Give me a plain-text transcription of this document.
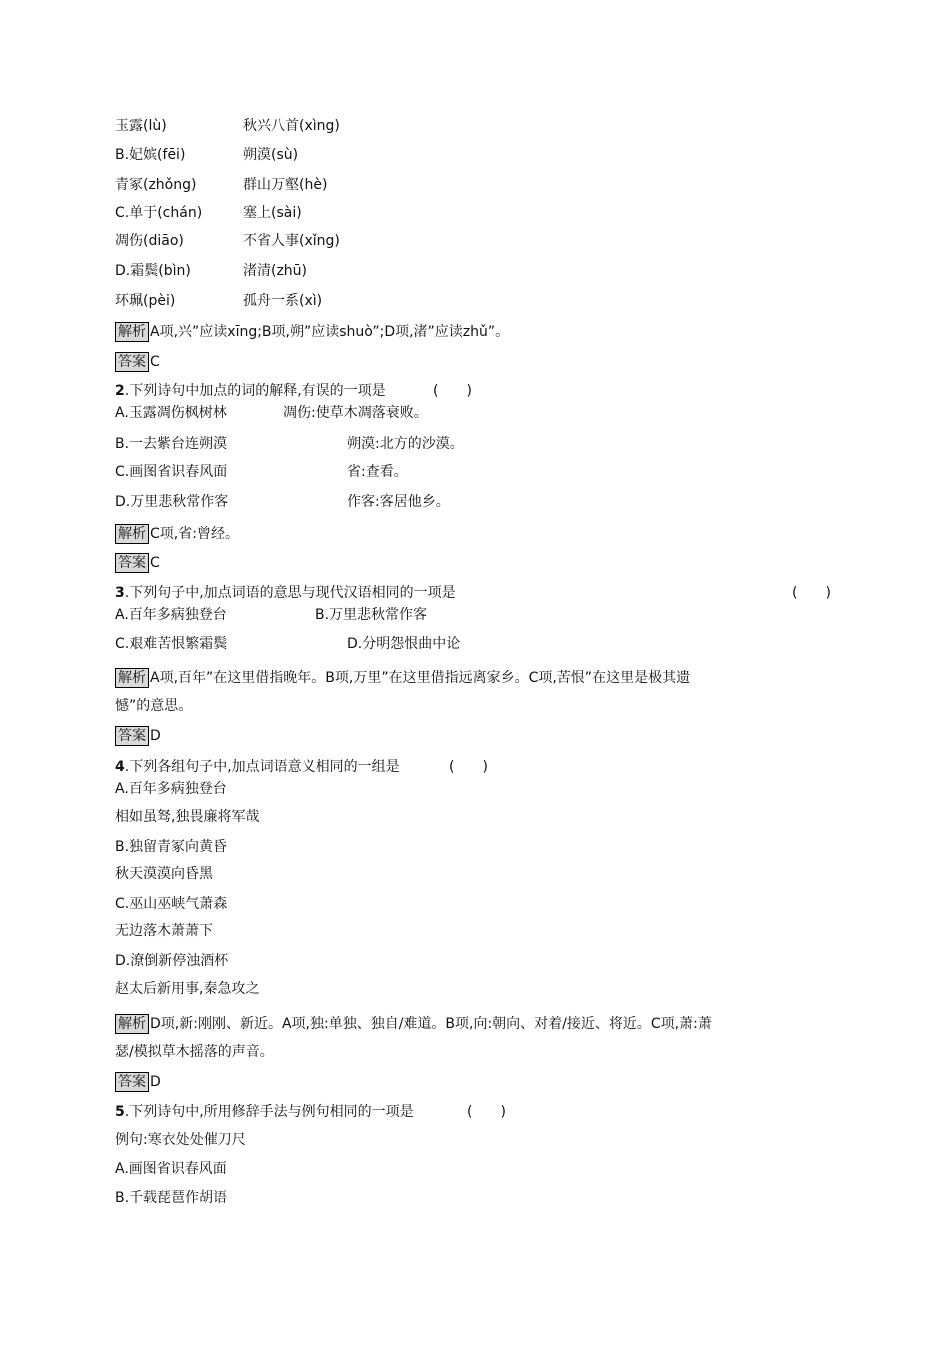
玉露(lù)	秋兴八首(xìng)
B.妃嫔(fēi)	朔漠(sù)
青冢(zhǒng)	群山万壑(hè)
C.单于(chán)	塞上(sài)
凋伤(diāo)	不省人事(xǐng)
D.霜鬓(bìn)	渚清(zhū)
环珮(pèi)	孤舟一系(xì)
解析 A项,兴”应读xīng;B项,朔”应读shuò”;D项,渚”应读zhǔ”。
答案 C
2.下列诗句中加点的词的解释,有误的一项是	(　　)
A.玉露凋伤枫树林	凋伤:使草木凋落衰败。
B.一去紫台连朔漠	朔漠:北方的沙漠。
C.画图省识春风面	省:查看。
D.万里悲秋常作客	作客:客居他乡。
解析 C项,省:曾经。
答案 C
3.下列句子中,加点词语的意思与现代汉语相同的一项是	(　　)
A.百年多病独登台	B.万里悲秋常作客
C.艰难苦恨繁霜鬓	D.分明怨恨曲中论
解析 A项,百年”在这里借指晚年。B项,万里”在这里借指远离家乡。C项,苦恨”在这里是极其遗
憾”的意思。
答案 D
4.下列各组句子中,加点词语意义相同的一组是	(　　)
A.百年多病独登台
相如虽驽,独畏廉将军哉
B.独留青冢向黄昏
秋天漠漠向昏黑
C.巫山巫峡气萧森
无边落木萧萧下
D.潦倒新停浊酒杯
赵太后新用事,秦急攻之
解析 D项,新:刚刚、新近。A项,独:单独、独自/难道。B项,向:朝向、对着/接近、将近。C项,萧:萧
瑟/模拟草木摇落的声音。
答案 D
5.下列诗句中,所用修辞手法与例句相同的一项是	(　　)
例句:寒衣处处催刀尺
A.画图省识春风面
B.千载琵琶作胡语
